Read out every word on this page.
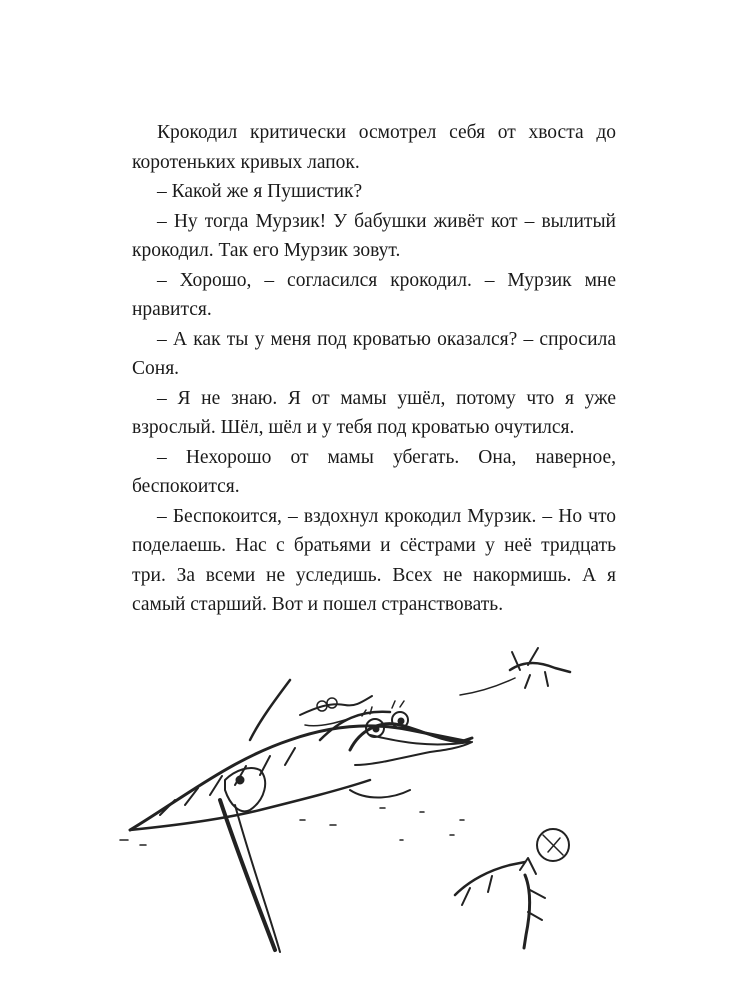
Крокодил критически осмотрел себя от хвоста до коротеньких кривых лапок.

– Какой же я Пушистик?

– Ну тогда Мурзик! У бабушки живёт кот – вылитый крокодил. Так его Мурзик зовут.

– Хорошо, – согласился крокодил. – Мурзик мне нравится.

– А как ты у меня под кроватью оказался? – спросила Соня.

– Я не знаю. Я от мамы ушёл, потому что я уже взрослый. Шёл, шёл и у тебя под кроватью очутился.

– Нехорошо от мамы убегать. Она, наверное, беспокоится.

– Беспокоится, – вздохнул крокодил Мурзик. – Но что поделаешь. Нас с братьями и сёстрами у неё тридцать три. За всеми не уследишь. Всех не накормишь. А я самый старший. Вот и пошел странствовать.
